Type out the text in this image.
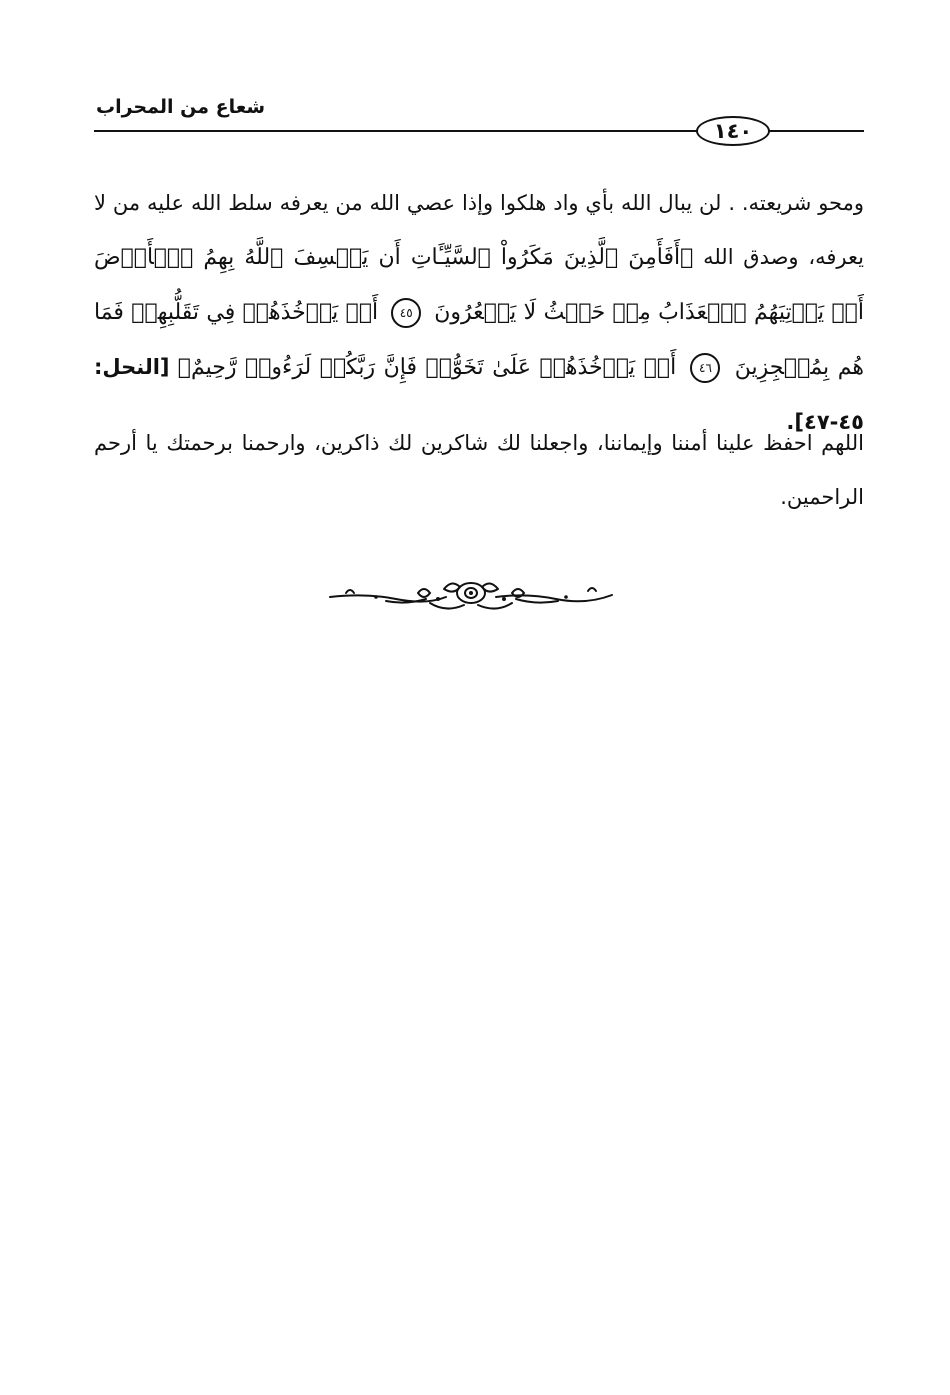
شعاع من المحراب
١٤٠

ومحو شريعته. . لن يبال الله بأي واد هلكوا وإذا عصي الله من يعرفه سلط الله عليه من لا يعرفه، وصدق الله ﴿أَفَأَمِنَ ٱلَّذِينَ مَكَرُواْ ٱلسَّيِّـَٔاتِ أَن يَخۡسِفَ ٱللَّهُ بِهِمُ ٱلۡأَرۡضَ أَوۡ يَأۡتِيَهُمُ ٱلۡعَذَابُ مِنۡ حَيۡثُ لَا يَشۡعُرُونَ ٤٥ أَوۡ يَأۡخُذَهُمۡ فِي تَقَلُّبِهِمۡ فَمَا هُم بِمُعۡجِزِينَ ٤٦ أَوۡ يَأۡخُذَهُمۡ عَلَىٰ تَخَوُّفٖ فَإِنَّ رَبَّكُمۡ لَرَءُوفٞ رَّحِيمٌ﴾ [النحل: ٤٥-٤٧].

اللهم احفظ علينا أمننا وإيماننا، واجعلنا لك شاكرين لك ذاكرين، وارحمنا برحمتك يا أرحم الراحمين.
